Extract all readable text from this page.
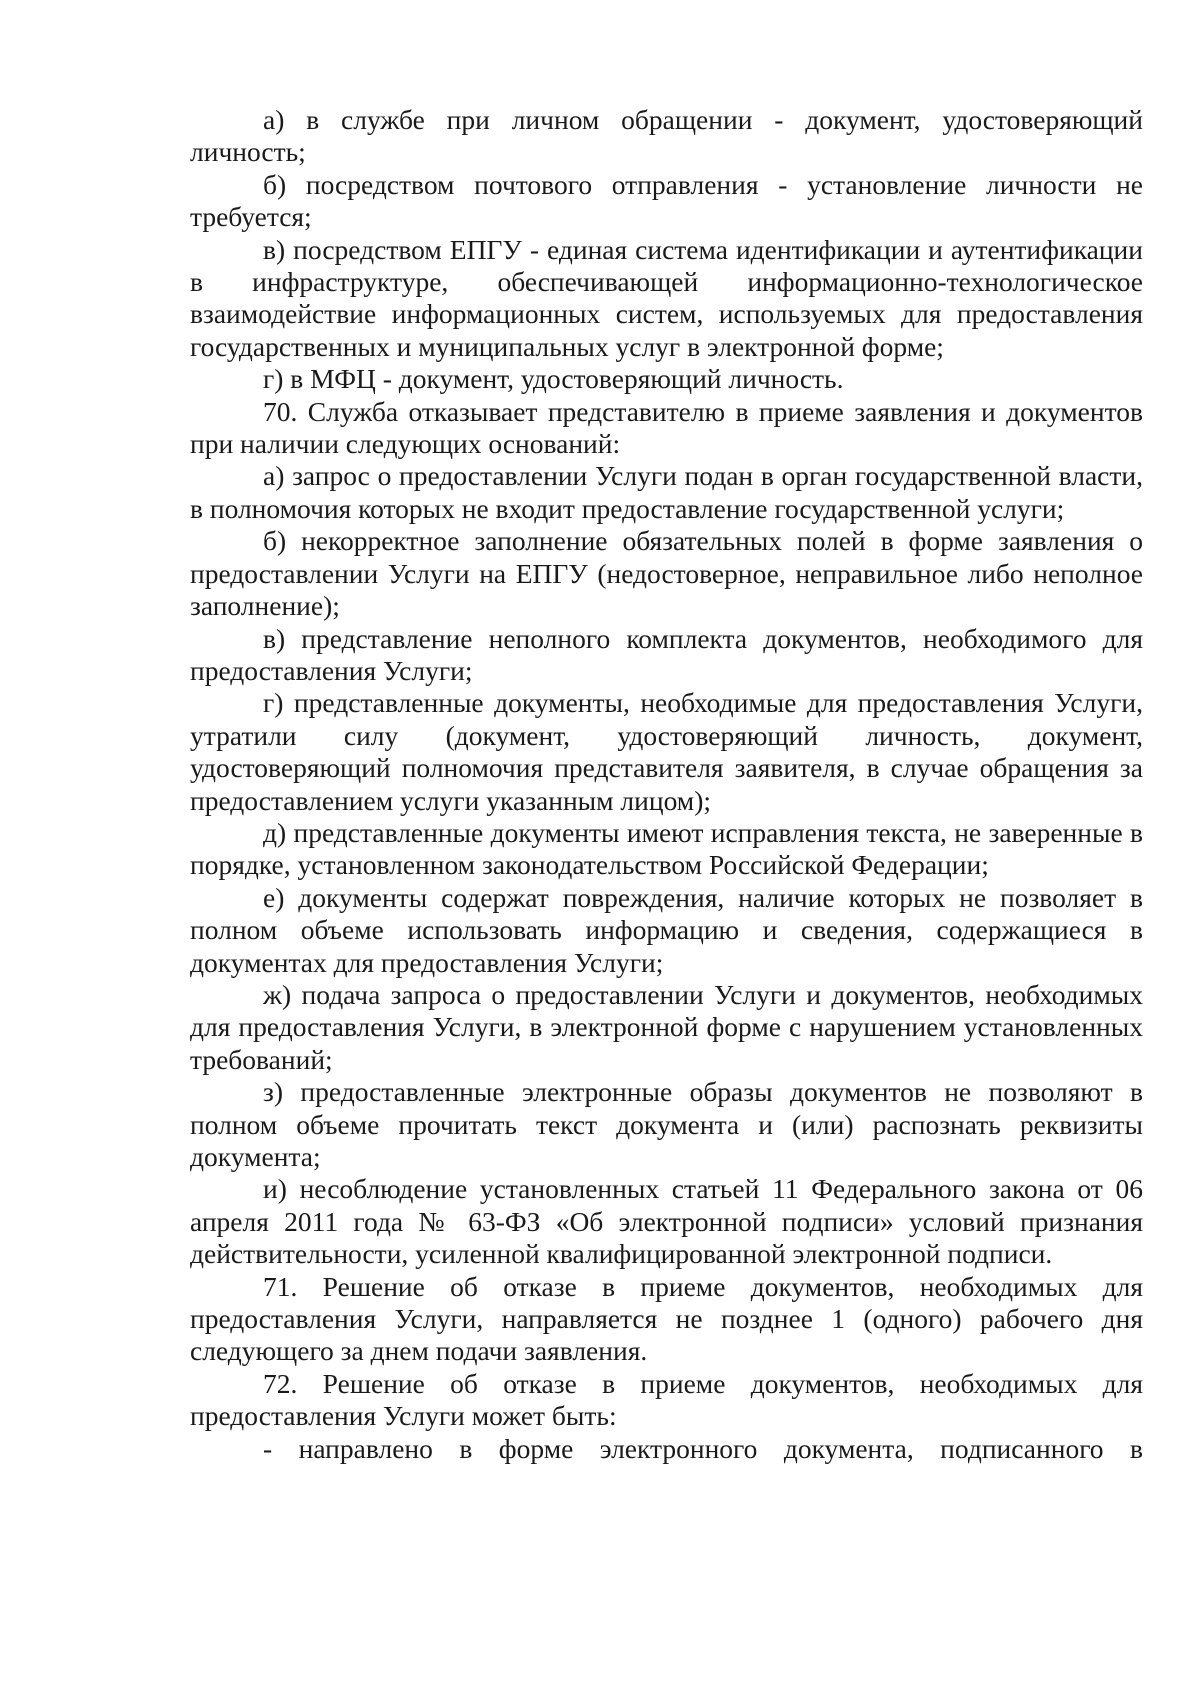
а) в службе при личном обращении - документ, удостоверяющий личность;

б) посредством почтового отправления - установление личности не требуется;

в) посредством ЕПГУ - единая система идентификации и аутентификации в инфраструктуре, обеспечивающей информационно-технологическое взаимодействие информационных систем, используемых для предоставления государственных и муниципальных услуг в электронной форме;

г) в МФЦ - документ, удостоверяющий личность.

70. Служба отказывает представителю в приеме заявления и документов при наличии следующих оснований:

а) запрос о предоставлении Услуги подан в орган государственной власти, в полномочия которых не входит предоставление государственной услуги;

б) некорректное заполнение обязательных полей в форме заявления о предоставлении Услуги на ЕПГУ (недостоверное, неправильное либо неполное заполнение);

в) представление неполного комплекта документов, необходимого для предоставления Услуги;

г) представленные документы, необходимые для предоставления Услуги, утратили силу (документ, удостоверяющий личность, документ, удостоверяющий полномочия представителя заявителя, в случае обращения за предоставлением услуги указанным лицом);

д) представленные документы имеют исправления текста, не заверенные в порядке, установленном законодательством Российской Федерации;

е) документы содержат повреждения, наличие которых не позволяет в полном объеме использовать информацию и сведения, содержащиеся в документах для предоставления Услуги;

ж) подача запроса о предоставлении Услуги и документов, необходимых для предоставления Услуги, в электронной форме с нарушением установленных требований;

з) предоставленные электронные образы документов не позволяют в полном объеме прочитать текст документа и (или) распознать реквизиты документа;

и) несоблюдение установленных статьей 11 Федерального закона от 06 апреля 2011 года № 63-ФЗ «Об электронной подписи» условий признания действительности, усиленной квалифицированной электронной подписи.

71. Решение об отказе в приеме документов, необходимых для предоставления Услуги, направляется не позднее 1 (одного) рабочего дня следующего за днем подачи заявления.

72. Решение об отказе в приеме документов, необходимых для предоставления Услуги может быть:

- направлено в форме электронного документа, подписанного в
